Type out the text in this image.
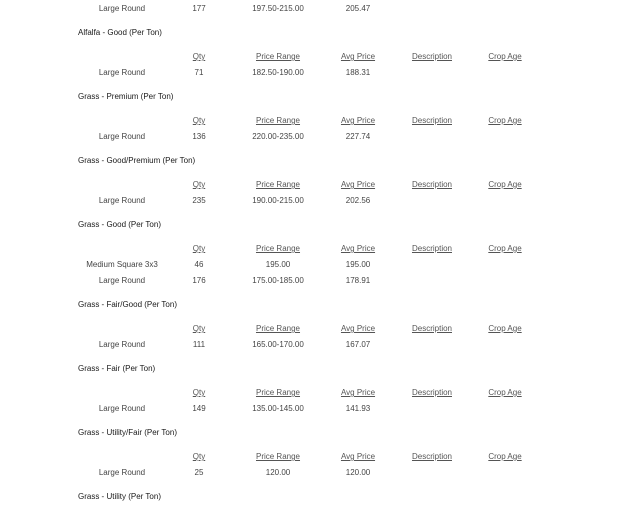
Large Round	177	197.50-215.00	205.47
Alfalfa - Good (Per Ton)
Qty	Price Range	Avg Price	Description	Crop Age
Large Round	71	182.50-190.00	188.31
Grass - Premium (Per Ton)
Qty	Price Range	Avg Price	Description	Crop Age
Large Round	136	220.00-235.00	227.74
Grass - Good/Premium (Per Ton)
Qty	Price Range	Avg Price	Description	Crop Age
Large Round	235	190.00-215.00	202.56
Grass - Good (Per Ton)
Qty	Price Range	Avg Price	Description	Crop Age
Medium Square 3x3	46	195.00	195.00
Large Round	176	175.00-185.00	178.91
Grass - Fair/Good (Per Ton)
Qty	Price Range	Avg Price	Description	Crop Age
Large Round	111	165.00-170.00	167.07
Grass - Fair (Per Ton)
Qty	Price Range	Avg Price	Description	Crop Age
Large Round	149	135.00-145.00	141.93
Grass - Utility/Fair (Per Ton)
Qty	Price Range	Avg Price	Description	Crop Age
Large Round	25	120.00	120.00
Grass - Utility (Per Ton)
